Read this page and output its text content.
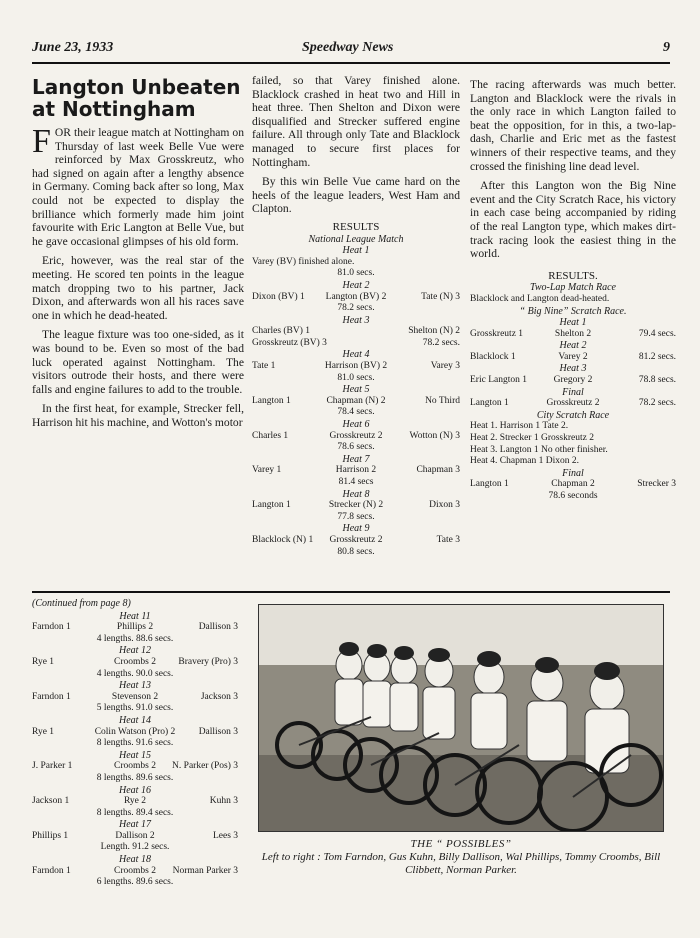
June 23, 1933	Speedway News	9
Langton Unbeaten at Nottingham

FOR their league match at Nottingham on Thursday of last week Belle Vue were reinforced by Max Grosskreutz, who had signed on again after a lengthy absence in Germany. Coming back after so long, Max could not be expected to display the brilliance which formerly made him joint favourite with Eric Langton at Belle Vue, but he gave occasional glimpses of his old form.

Eric, however, was the real star of the meeting. He scored ten points in the league match dropping two to his partner, Jack Dixon, and afterwards won all his races save one in which he dead-heated.

The league fixture was too one-sided, as it was bound to be. Even so most of the bad luck operated against Nottingham. The visitors outrode their hosts, and there were falls and engine failures to add to the trouble.

In the first heat, for example, Strecker fell, Harrison hit his machine, and Wotton's motor

failed, so that Varey finished alone. Blacklock crashed in heat two and Hill in heat three. Then Shelton and Dixon were disqualified and Strecker suffered engine failure. All through only Tate and Blacklock managed to secure first places for Nottingham.

By this win Belle Vue came hard on the heels of the league leaders, West Ham and Clapton.

RESULTS
National League Match
Heat 1
Varey (BV) finished alone.
81.0 secs.
Heat 2
Dixon (BV) 1	Langton (BV) 2	Tate (N) 3
78.2 secs.
Heat 3
Charles (BV) 1	Shelton (N) 2
Grosskreutz (BV) 3	78.2 secs.
Heat 4
Tate 1	Harrison (BV) 2	Varey 3
81.0 secs.
Heat 5
Langton 1	Chapman (N) 2	No Third
78.4 secs.
Heat 6
Charles 1	Grosskreutz 2	Wotton (N) 3
78.6 secs.
Heat 7
Varey 1	Harrison 2	Chapman 3
81.4 secs
Heat 8
Langton 1	Strecker (N) 2	Dixon 3
77.8 secs.
Heat 9
Blacklock (N) 1	Grosskreutz 2	Tate 3
80.8 secs.

The racing afterwards was much better. Langton and Blacklock were the rivals in the only race in which Langton failed to beat the opposition, for in this, a two-lap-dash, Charlie and Eric met as the fastest winners of their respective teams, and they crossed the finishing line dead level.

After this Langton won the Big Nine event and the City Scratch Race, his victory in each case being accompanied by riding of the real Langton type, which makes dirt-track racing look the easiest thing in the world.

RESULTS.
Two-Lap Match Race
Blacklock and Langton dead-heated.
“ Big Nine” Scratch Race.
Heat 1
Grosskreutz 1	Shelton 2	79.4 secs.
Heat 2
Blacklock 1	Varey 2	81.2 secs.
Heat 3
Eric Langton 1	Gregory 2	78.8 secs.
Final
Langton 1	Grosskreutz 2	78.2 secs.
City Scratch Race
Heat 1. Harrison 1 Tate 2.
Heat 2. Strecker 1 Grosskreutz 2
Heat 3. Langton 1 No other finisher.
Heat 4. Chapman 1 Dixon 2.
Final
Langton 1	Chapman 2	Strecker 3
78.6 seconds
(Continued from page 8)
Heat 11
Farndon 1	Phillips 2	Dallison 3
4 lengths. 88.6 secs.
Heat 12
Rye 1	Croombs 2	Bravery (Pro) 3
4 lengths. 90.0 secs.
Heat 13
Farndon 1	Stevenson 2	Jackson 3
5 lengths. 91.0 secs.
Heat 14
Rye 1	Colin Watson (Pro) 2	Dallison 3
8 lengths. 91.6 secs.
Heat 15
J. Parker 1	Croombs 2	N. Parker (Pos) 3
8 lengths. 89.6 secs.
Heat 16
Jackson 1	Rye 2	Kuhn 3
8 lengths. 89.4 secs.
Heat 17
Phillips 1	Dallison 2	Lees 3
Length. 91.2 secs.
Heat 18
Farndon 1	Croombs 2	Norman Parker 3
6 lengths. 89.6 secs.
THE “ POSSIBLES”
Left to right : Tom Farndon, Gus Kuhn, Billy Dallison, Wal Phillips, Tommy Croombs, Bill Clibbett, Norman Parker.
